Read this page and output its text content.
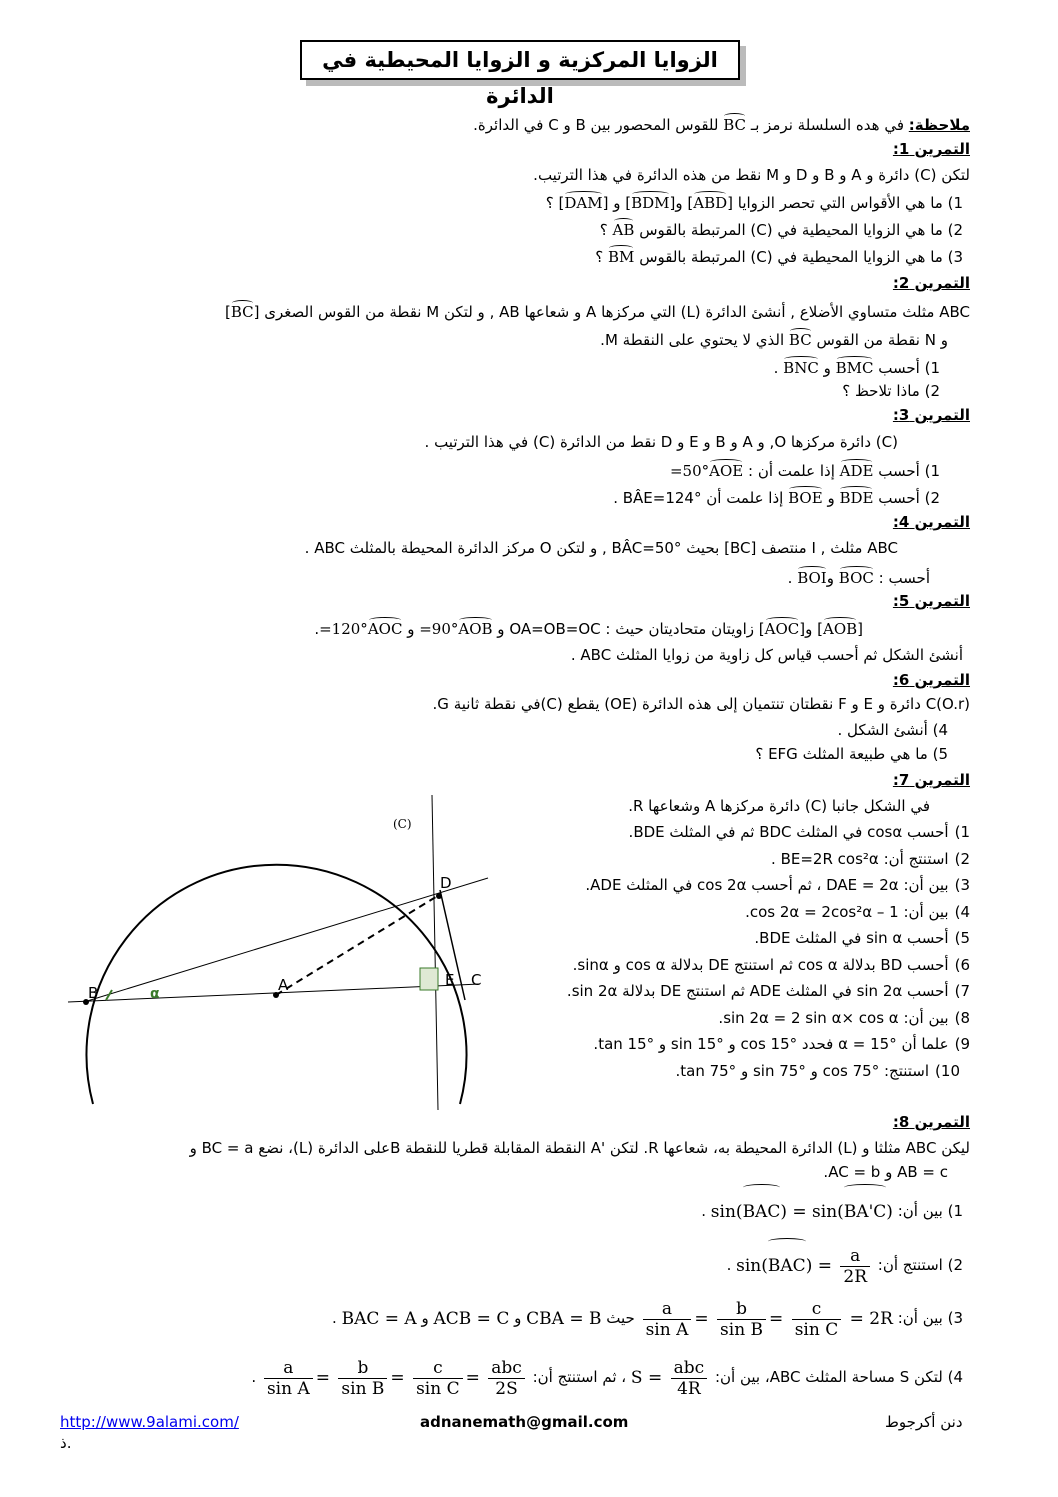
الزوايا المركزية و الزوايا المحيطية في الدائرة
ملاحظة: في هده السلسلة نرمز بـ BC للقوس المحصور بين B و C في الدائرة.
التمرين 1:
لتكن (C) دائرة و A و B و D و M نقط من هذه الدائرة في هذا الترتيب.
1) ما هي الأقواس التي تحصر الزوايا [ABD] و[BDM] و [DAM] ؟
2) ما هي الزوايا المحيطية في (C) المرتبطة بالقوس AB ؟
3) ما هي الزوايا المحيطية في (C) المرتبطة بالقوس BM ؟
التمرين 2:
ABC مثلث متساوي الأضلاع , أنشئ الدائرة (L) التي مركزها A و شعاعها AB , و لتكن M نقطة من القوس الصغرى [BC]
و N نقطة من القوس BC الذي لا يحتوي على النقطة M.
1) أحسب BMC و BNC .
2) ماذا تلاحظ ؟
التمرين 3:
(C) دائرة مركزها O, و A و B و E و D نقط من الدائرة (C) في هذا الترتيب .
1) أحسب ADE إذا علمت أن : AOE=50°
2) أحسب BDE و BOE إذا علمت أن BÂE=124° .
التمرين 4:
ABC مثلث , I منتصف [BC] بحيث BÂC=50° , و لتكن O مركز الدائرة المحيطة بالمثلث ABC .
أحسب : BOC وBOI .
التمرين 5:
[AOB] و[AOC] زاويتان متحاديتان حيث : OA=OB=OC و AOB=90° و AOC=120°.
أنشئ الشكل ثم أحسب قياس كل زاوية من زوايا المثلث ABC .
التمرين 6:
C(O.r) دائرة و E و F نقطتان تنتميان إلى هذه الدائرة (OE) يقطع (C)في نقطة ثانية G.
4) أنشئ الشكل .
5) ما هي طبيعة المثلث EFG ؟
التمرين 7:
في الشكل جانبا (C) دائرة مركزها A وشعاعها R.
1)أحسب cosα في المثلث BDC ثم في المثلث BDE.
2)استنتج أن: BE=2R cos²α .
3)بين أن: DAE = 2α ، ثم أحسب cos 2α في المثلث ADE.
4)بين أن: cos 2α = 2cos²α – 1.
5)أحسب sin α في المثلث BDE.
6)أحسب BD بدلالة cos α ثم استنتج DE بدلالة cos α و sinα.
7)أحسب sin 2α في المثلث ADE ثم استنتج DE بدلالة sin 2α.
8)بين أن: sin 2α = 2 sin α× cos α.
9)علما أن α = 15° فحدد cos 15° و sin 15° و tan 15°.
10)استنتج: cos 75° و sin 75° و tan 75°.
(C)
D
B	A	E C
α
التمرين 8:
ليكن ABC مثلثا و (L) الدائرة المحيطة به، شعاعها R. لتكن 'A النقطة المقابلة قطريا للنقطة Bعلى الدائرة (L)، نضع BC = a و
AB = c و AC = b.
1) بين أن: sin(BAC) = sin(BA'C) .
2) استنتج أن: $\sin(BAC) = \frac{a}{2R}$
.
3) بين أن:
$\frac{a}{\text{sin A}} = \frac{b}{\text{sin B}} = \frac{c}{\text{sin C}} = 2R$ حيث CBA = B و ACB = C و BAC = A .
4) لتكن S مساحة المثلث ABC، بين أن: $S = \frac{\text{abc}}{4R}$
، ثم استنتج أن:
$\frac{a}{\text{sin A}} = \frac{b}{\text{sin B}} = \frac{c}{\text{sin C}} = \frac{\text{abc}}{2S}$
.
http://www.9alami.com/
ذ.
adnanemath@gmail.com	دنن أكرجوط
